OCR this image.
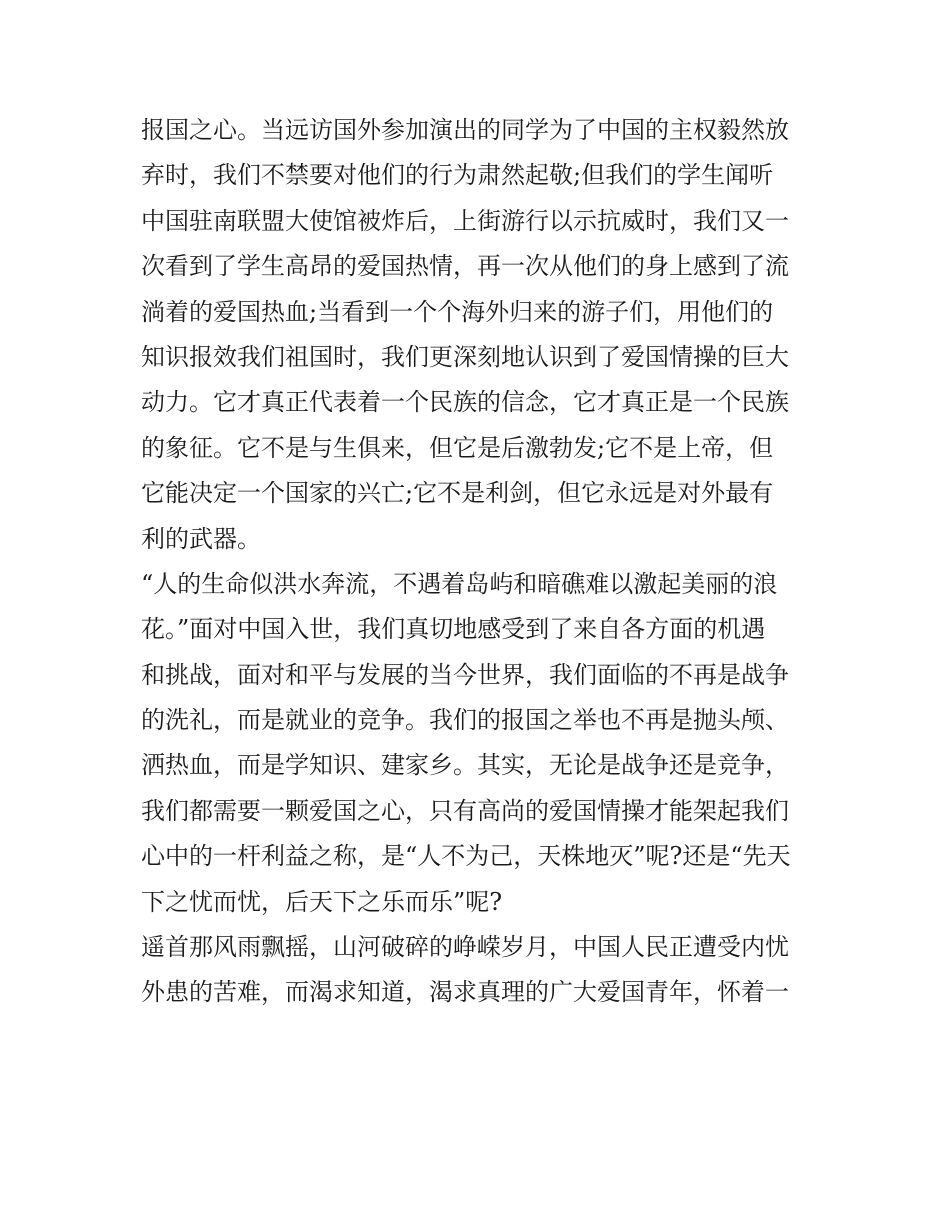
报国之心。当远访国外参加演出的同学为了中国的主权毅然放
弃时，我们不禁要对他们的行为肃然起敬;但我们的学生闻听
中国驻南联盟大使馆被炸后，上街游行以示抗威时，我们又一
次看到了学生高昂的爱国热情，再一次从他们的身上感到了流
淌着的爱国热血;当看到一个个海外归来的游子们，用他们的
知识报效我们祖国时，我们更深刻地认识到了爱国情操的巨大
动力。它才真正代表着一个民族的信念，它才真正是一个民族
的象征。它不是与生俱来，但它是后激勃发;它不是上帝，但
它能决定一个国家的兴亡;它不是利剑，但它永远是对外最有
利的武器。
“人的生命似洪水奔流，不遇着岛屿和暗礁难以激起美丽的浪
花。”面对中国入世，我们真切地感受到了来自各方面的机遇
和挑战，面对和平与发展的当今世界，我们面临的不再是战争
的洗礼，而是就业的竞争。我们的报国之举也不再是抛头颅、
洒热血，而是学知识、建家乡。其实，无论是战争还是竞争，
我们都需要一颗爱国之心，只有高尚的爱国情操才能架起我们
心中的一杆利益之称，是“人不为己，天株地灭”呢?还是“先天
下之忧而忧，后天下之乐而乐”呢?
遥首那风雨飘摇，山河破碎的峥嵘岁月，中国人民正遭受内忧
外患的苦难，而渴求知道，渴求真理的广大爱国青年，怀着一
